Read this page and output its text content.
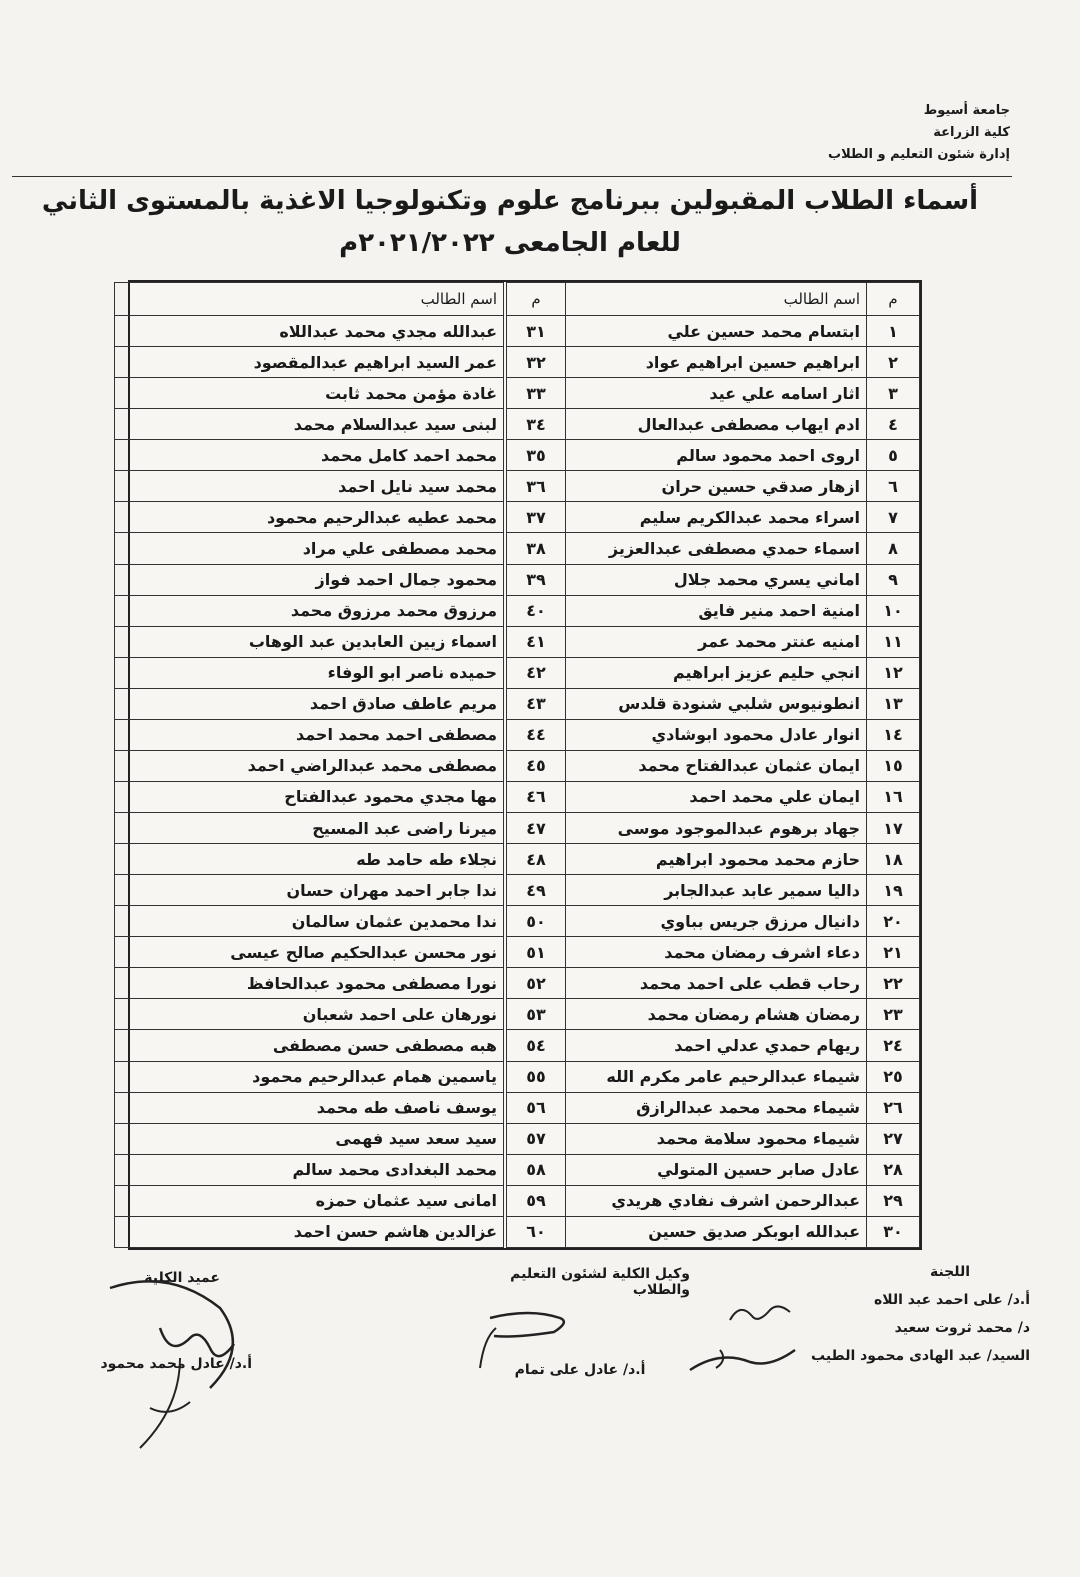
جامعة أسيوط
كلية الزراعة
إدارة شئون التعليم و الطلاب
أسماء الطلاب المقبولين ببرنامج علوم وتكنولوجيا الاغذية بالمستوى الثاني
للعام الجامعى ٢٠٢١/٢٠٢٢م
م	اسم الطالب	م	اسم الطالب
١	ابتسام محمد حسين علي	٣١	عبدالله مجدي محمد عبداللاه
٢	ابراهيم حسين ابراهيم عواد	٣٢	عمر السيد ابراهيم عبدالمقصود
٣	اثار اسامه علي عيد	٣٣	غادة مؤمن محمد ثابت
٤	ادم ايهاب مصطفى عبدالعال	٣٤	لبنى سيد عبدالسلام محمد
٥	اروى احمد محمود سالم	٣٥	محمد احمد كامل محمد
٦	ازهار صدقي حسين حران	٣٦	محمد سيد نايل احمد
٧	اسراء محمد عبدالكريم سليم	٣٧	محمد عطيه عبدالرحيم محمود
٨	اسماء حمدي مصطفى عبدالعزيز	٣٨	محمد مصطفى علي مراد
٩	اماني يسري محمد جلال	٣٩	محمود جمال احمد فواز
١٠	امنية احمد منير فايق	٤٠	مرزوق محمد مرزوق محمد
١١	امنيه عنتر محمد عمر	٤١	اسماء زيين العابدين عبد الوهاب
١٢	انجي حليم عزيز ابراهيم	٤٢	حميده ناصر ابو الوفاء
١٣	انطونيوس شلبي شنودة قلدس	٤٣	مريم عاطف صادق احمد
١٤	انوار عادل محمود ابوشادي	٤٤	مصطفى احمد محمد احمد
١٥	ايمان عثمان عبدالفتاح محمد	٤٥	مصطفى محمد عبدالراضي احمد
١٦	ايمان علي محمد احمد	٤٦	مها مجدي محمود عبدالفتاح
١٧	جهاد برهوم عبدالموجود موسى	٤٧	ميرنا راضى عبد المسيح
١٨	حازم محمد محمود ابراهيم	٤٨	نجلاء طه حامد طه
١٩	داليا سمير عابد عبدالجابر	٤٩	ندا جابر احمد مهران حسان
٢٠	دانيال مرزق جريس بباوي	٥٠	ندا محمدين عثمان سالمان
٢١	دعاء اشرف رمضان محمد	٥١	نور محسن عبدالحكيم صالح عيسى
٢٢	رحاب قطب على احمد محمد	٥٢	نورا مصطفى محمود عبدالحافظ
٢٣	رمضان هشام رمضان محمد	٥٣	نورهان على احمد شعبان
٢٤	ريهام حمدي عدلي احمد	٥٤	هبه مصطفى حسن مصطفى
٢٥	شيماء عبدالرحيم عامر مكرم الله	٥٥	ياسمين همام عبدالرحيم محمود
٢٦	شيماء محمد محمد عبدالرازق	٥٦	يوسف ناصف طه محمد
٢٧	شيماء محمود سلامة محمد	٥٧	سيد سعد سيد فهمى
٢٨	عادل صابر حسين المتولي	٥٨	محمد البغدادى محمد سالم
٢٩	عبدالرحمن اشرف نفادي هريدي	٥٩	امانى سيد عثمان حمزه
٣٠	عبدالله ابوبكر صديق حسين	٦٠	عزالدين هاشم حسن احمد
اللجنة
أ.د/ على احمد عبد اللاه
د/ محمد ثروت سعيد
السيد/ عبد الهادى محمود الطيب
وكيل الكلية لشئون التعليم والطلاب
أ.د/ عادل على تمام
عميد الكلية
أ.د/ عادل محمد محمود
